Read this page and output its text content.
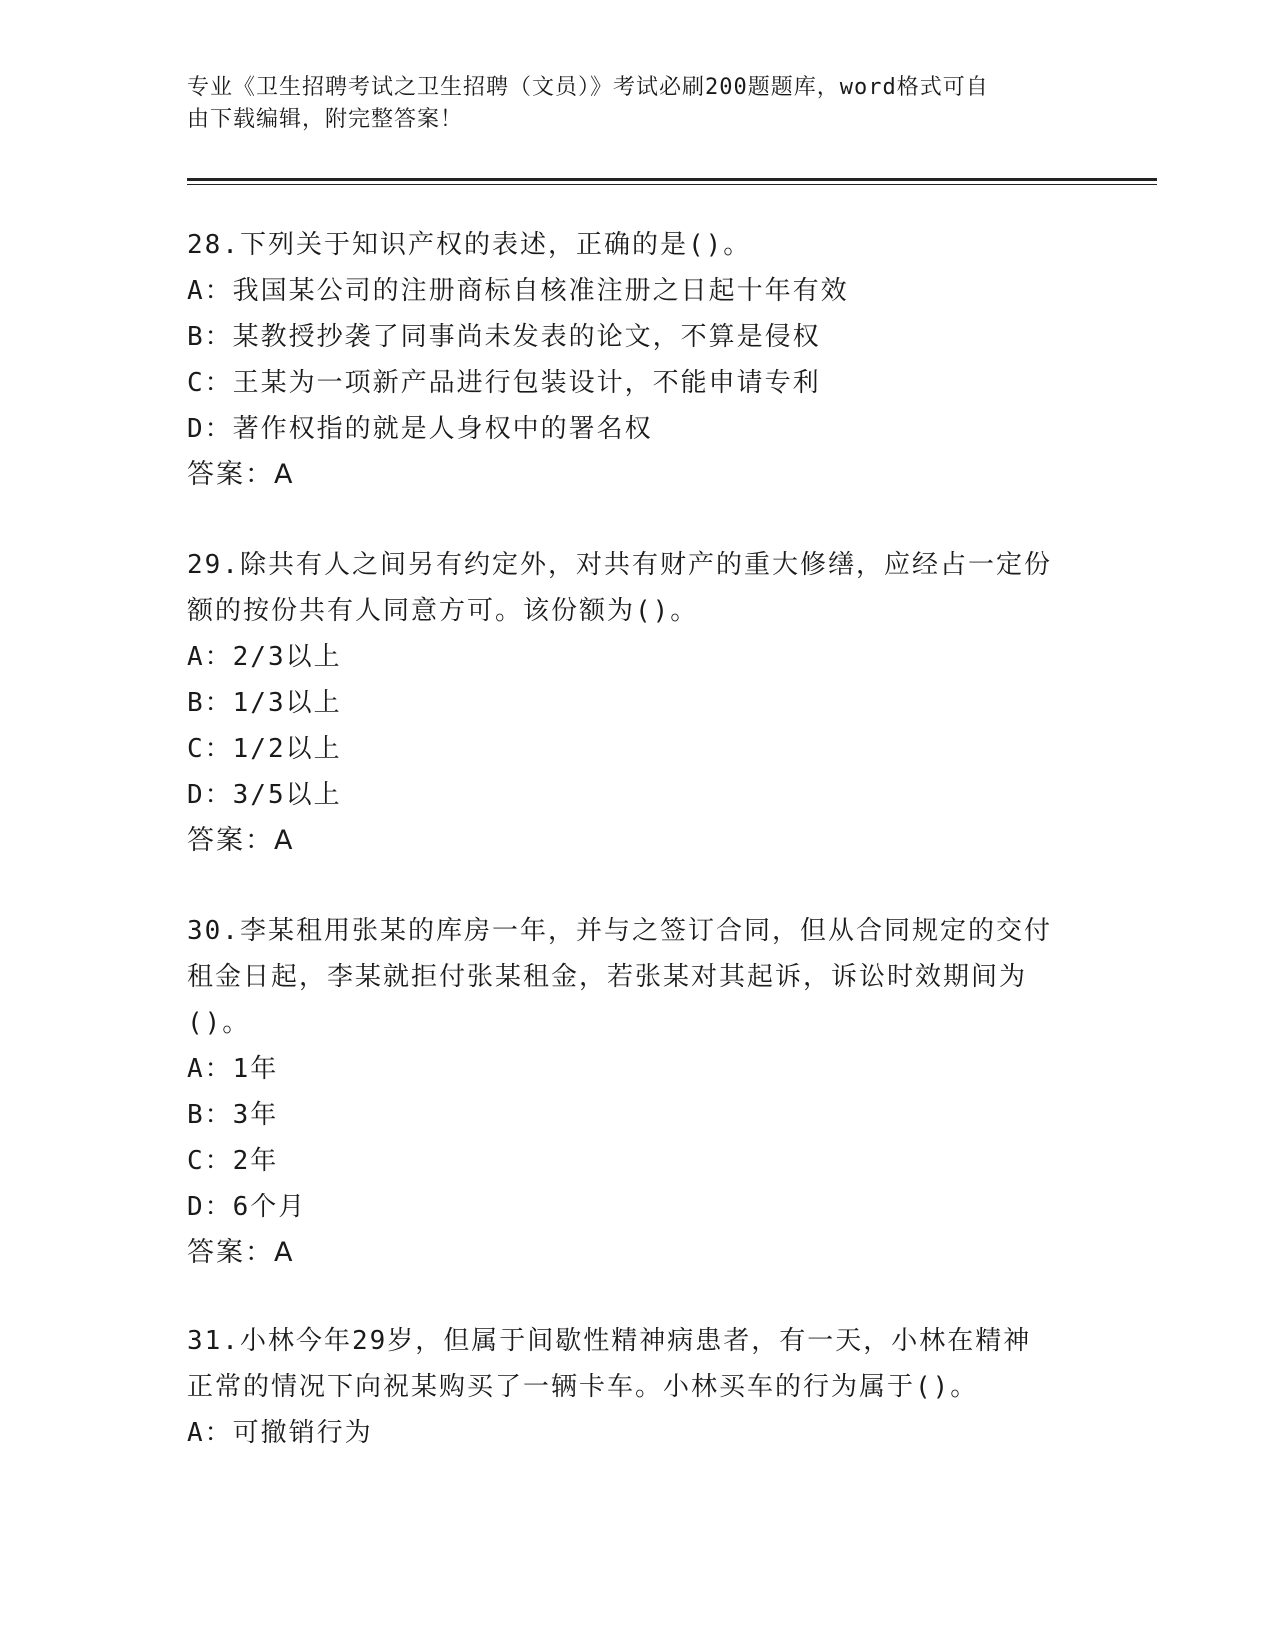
专业《卫生招聘考试之卫生招聘（文员）》考试必刷200题题库，word格式可自
由下载编辑，附完整答案！
28.下列关于知识产权的表述，正确的是()。
A：我国某公司的注册商标自核准注册之日起十年有效
B：某教授抄袭了同事尚未发表的论文，不算是侵权
C：王某为一项新产品进行包装设计，不能申请专利
D：著作权指的就是人身权中的署名权
答案：A
29.除共有人之间另有约定外，对共有财产的重大修缮，应经占一定份
额的按份共有人同意方可。该份额为()。
A：2/3以上
B：1/3以上
C：1/2以上
D：3/5以上
答案：A
30.李某租用张某的库房一年，并与之签订合同，但从合同规定的交付
租金日起，李某就拒付张某租金，若张某对其起诉，诉讼时效期间为
()。
A：1年
B：3年
C：2年
D：6个月
答案：A
31.小林今年29岁，但属于间歇性精神病患者，有一天，小林在精神
正常的情况下向祝某购买了一辆卡车。小林买车的行为属于()。
A：可撤销行为
